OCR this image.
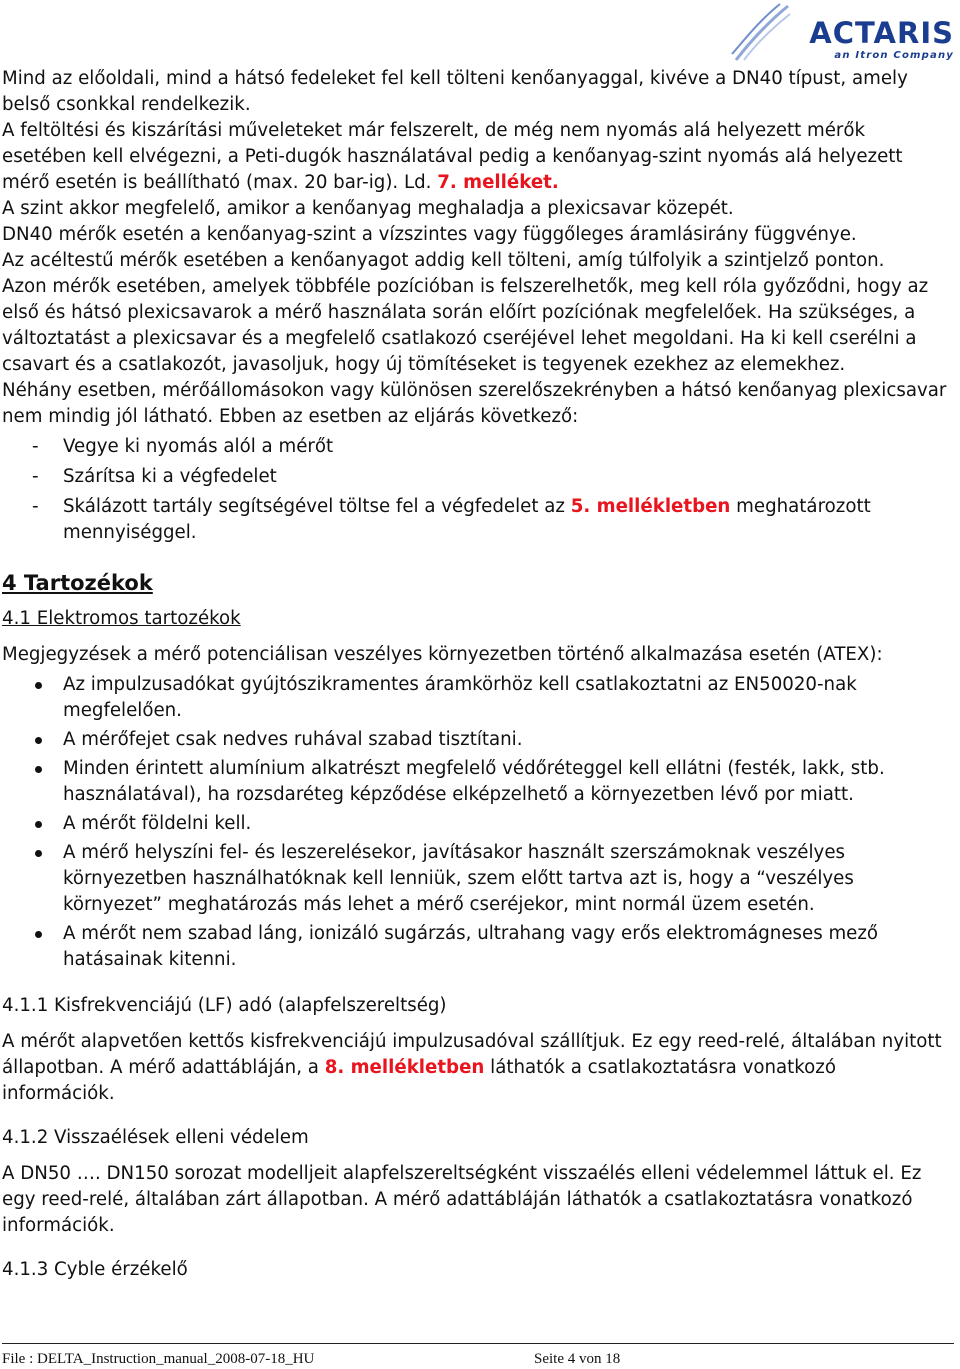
ACTARIS
an Itron Company

Mind az előoldali, mind a hátsó fedeleket fel kell tölteni kenőanyaggal, kivéve a DN40 típust, amely belső csonkkal rendelkezik.

A feltöltési és kiszárítási műveleteket már felszerelt, de még nem nyomás alá helyezett mérők esetében kell elvégezni, a Peti-dugók használatával pedig a kenőanyag-szint nyomás alá helyezett mérő esetén is beállítható (max. 20 bar-ig). Ld. 7. melléket.

A szint akkor megfelelő, amikor a kenőanyag meghaladja a plexicsavar közepét.

DN40 mérők esetén a kenőanyag-szint a vízszintes vagy függőleges áramlásirány függvénye.

Az acéltestű mérők esetében a kenőanyagot addig kell tölteni, amíg túlfolyik a szintjelző ponton.

Azon mérők esetében, amelyek többféle pozícióban is felszerelhetők, meg kell róla győződni, hogy az első és hátsó plexicsavarok a mérő használata során előírt pozíciónak megfelelőek. Ha szükséges, a változtatást a plexicsavar és a megfelelő csatlakozó cseréjével lehet megoldani. Ha ki kell cserélni a csavart és a csatlakozót, javasoljuk, hogy új tömítéseket is tegyenek ezekhez az elemekhez.

Néhány esetben, mérőállomásokon vagy különösen szerelőszekrényben a hátsó kenőanyag plexicsavar nem mindig jól látható. Ebben az esetben az eljárás következő:

- Vegye ki nyomás alól a mérőt
- Szárítsa ki a végfedelet
- Skálázott tartály segítségével töltse fel a végfedelet az 5. mellékletben meghatározott mennyiséggel.
4 Tartozékok
4.1 Elektromos tartozékok

Megjegyzések a mérő potenciálisan veszélyes környezetben történő alkalmazása esetén (ATEX):

Az impulzusadókat gyújtószikramentes áramkörhöz kell csatlakoztatni az EN50020-nak megfelelően.
A mérőfejet csak nedves ruhával szabad tisztítani.
Minden érintett alumínium alkatrészt megfelelő védőréteggel kell ellátni (festék, lakk, stb. használatával), ha rozsdaréteg képződése elképzelhető a környezetben lévő por miatt.
A mérőt földelni kell.
A mérő helyszíni fel- és leszerelésekor, javításakor használt szerszámoknak veszélyes környezetben használhatóknak kell lenniük, szem előtt tartva azt is, hogy a “veszélyes környezet” meghatározás más lehet a mérő cseréjekor, mint normál üzem esetén.
A mérőt nem szabad láng, ionizáló sugárzás, ultrahang vagy erős elektromágneses mező hatásainak kitenni.
4.1.1 Kisfrekvenciájú (LF) adó (alapfelszereltség)

A mérőt alapvetően kettős kisfrekvenciájú impulzusadóval szállítjuk. Ez egy reed-relé, általában nyitott állapotban. A mérő adattábláján, a 8. mellékletben láthatók a csatlakoztatásra vonatkozó információk.

4.1.2 Visszaélések elleni védelem

A DN50 …. DN150 sorozat modelljeit alapfelszereltségként visszaélés elleni védelemmel láttuk el. Ez egy reed-relé, általában zárt állapotban. A mérő adattábláján láthatók a csatlakoztatásra vonatkozó információk.

4.1.3 Cyble érzékelő
File : DELTA_Instruction_manual_2008-07-18_HU	Seite 4 von 18
